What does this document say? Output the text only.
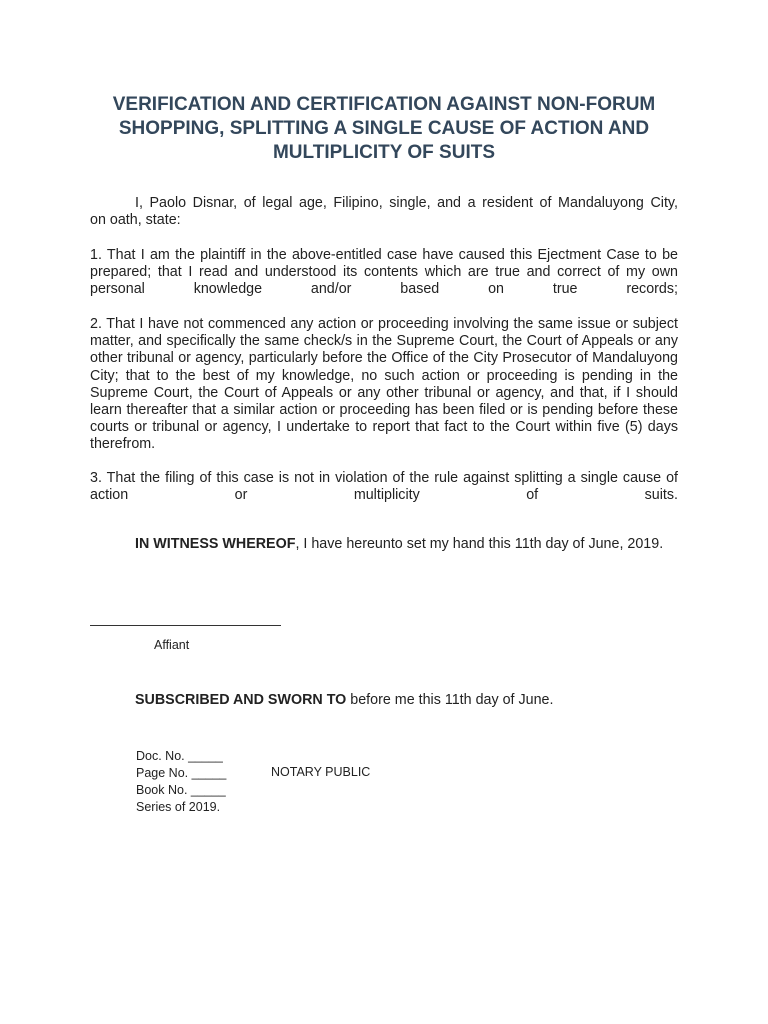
VERIFICATION AND CERTIFICATION AGAINST NON-FORUM
SHOPPING, SPLITTING A SINGLE CAUSE OF ACTION AND
MULTIPLICITY OF SUITS
I, Paolo Disnar, of legal age, Filipino, single, and a resident of Mandaluyong City,
on oath, state:
1. That I am the plaintiff in the above-entitled case have caused this Ejectment Case to be
prepared; that I read and understood its contents which are true and correct of my own
personal knowledge and/or based on true records;
2. That I have not commenced any action or proceeding involving the same issue or subject
matter, and specifically the same check/s in the Supreme Court, the Court of Appeals or any
other tribunal or agency, particularly before the Office of the City Prosecutor of Mandaluyong
City; that to the best of my knowledge, no such action or proceeding is pending in the
Supreme Court, the Court of Appeals or any other tribunal or agency, and that, if I should
learn thereafter that a similar action or proceeding has been filed or is pending before these
courts or tribunal or agency, I undertake to report that fact to the Court within five (5) days
therefrom.
3. That the filing of this case is not in violation of the rule against splitting a single cause of
action or multiplicity of suits.
IN WITNESS WHEREOF, I have hereunto set my hand this 11th day of June, 2019.
Affiant
SUBSCRIBED AND SWORN TO before me this 11th day of June.
Doc. No. _____
Page No. _____
Book No. _____
Series of 2019.
NOTARY PUBLIC
